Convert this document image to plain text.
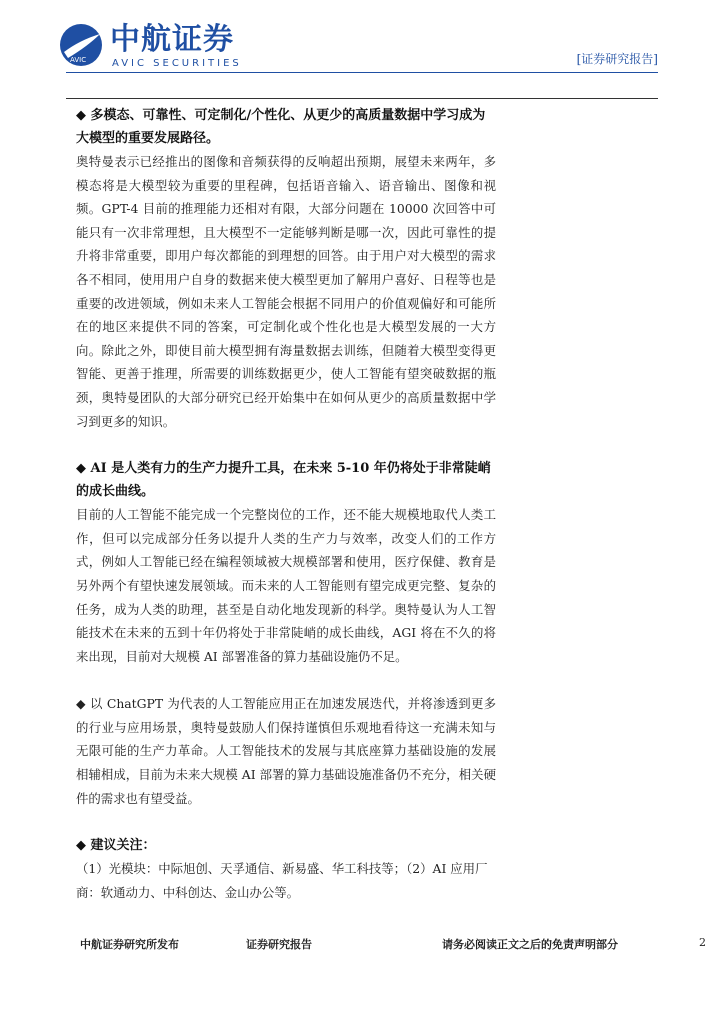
AVIC
中航证券
AVIC SECURITIES	[证券研究报告]

◆ 多模态、可靠性、可定制化/个性化、从更少的高质量数据中学习成为大模型的重要发展路径。

奥特曼表示已经推出的图像和音频获得的反响超出预期，展望未来两年，多模态将是大模型较为重要的里程碑，包括语音输入、语音输出、图像和视频。GPT-4 目前的推理能力还相对有限，大部分问题在 10000 次回答中可能只有一次非常理想，且大模型不一定能够判断是哪一次，因此可靠性的提升将非常重要，即用户每次都能的到理想的回答。由于用户对大模型的需求各不相同，使用用户自身的数据来使大模型更加了解用户喜好、日程等也是重要的改进领域，例如未来人工智能会根据不同用户的价值观偏好和可能所在的地区来提供不同的答案，可定制化或个性化也是大模型发展的一大方向。除此之外，即使目前大模型拥有海量数据去训练，但随着大模型变得更智能、更善于推理，所需要的训练数据更少，使人工智能有望突破数据的瓶颈，奥特曼团队的大部分研究已经开始集中在如何从更少的高质量数据中学习到更多的知识。

◆ AI 是人类有力的生产力提升工具，在未来 5-10 年仍将处于非常陡峭的成长曲线。

目前的人工智能不能完成一个完整岗位的工作，还不能大规模地取代人类工作，但可以完成部分任务以提升人类的生产力与效率，改变人们的工作方式，例如人工智能已经在编程领域被大规模部署和使用，医疗保健、教育是另外两个有望快速发展领域。而未来的人工智能则有望完成更完整、复杂的任务，成为人类的助理，甚至是自动化地发现新的科学。奥特曼认为人工智能技术在未来的五到十年仍将处于非常陡峭的成长曲线，AGI 将在不久的将来出现，目前对大规模 AI 部署准备的算力基础设施仍不足。

◆ 以 ChatGPT 为代表的人工智能应用正在加速发展迭代，并将渗透到更多的行业与应用场景，奥特曼鼓励人们保持谨慎但乐观地看待这一充满未知与无限可能的生产力革命。人工智能技术的发展与其底座算力基础设施的发展相辅相成，目前为未来大规模 AI 部署的算力基础设施准备仍不充分，相关硬件的需求也有望受益。

◆ 建议关注：

（1）光模块：中际旭创、天孚通信、新易盛、华工科技等；（2）AI 应用厂

商：软通动力、中科创达、金山办公等。

中航证券研究所发布	证券研究报告	请务必阅读正文之后的免责声明部分	2
